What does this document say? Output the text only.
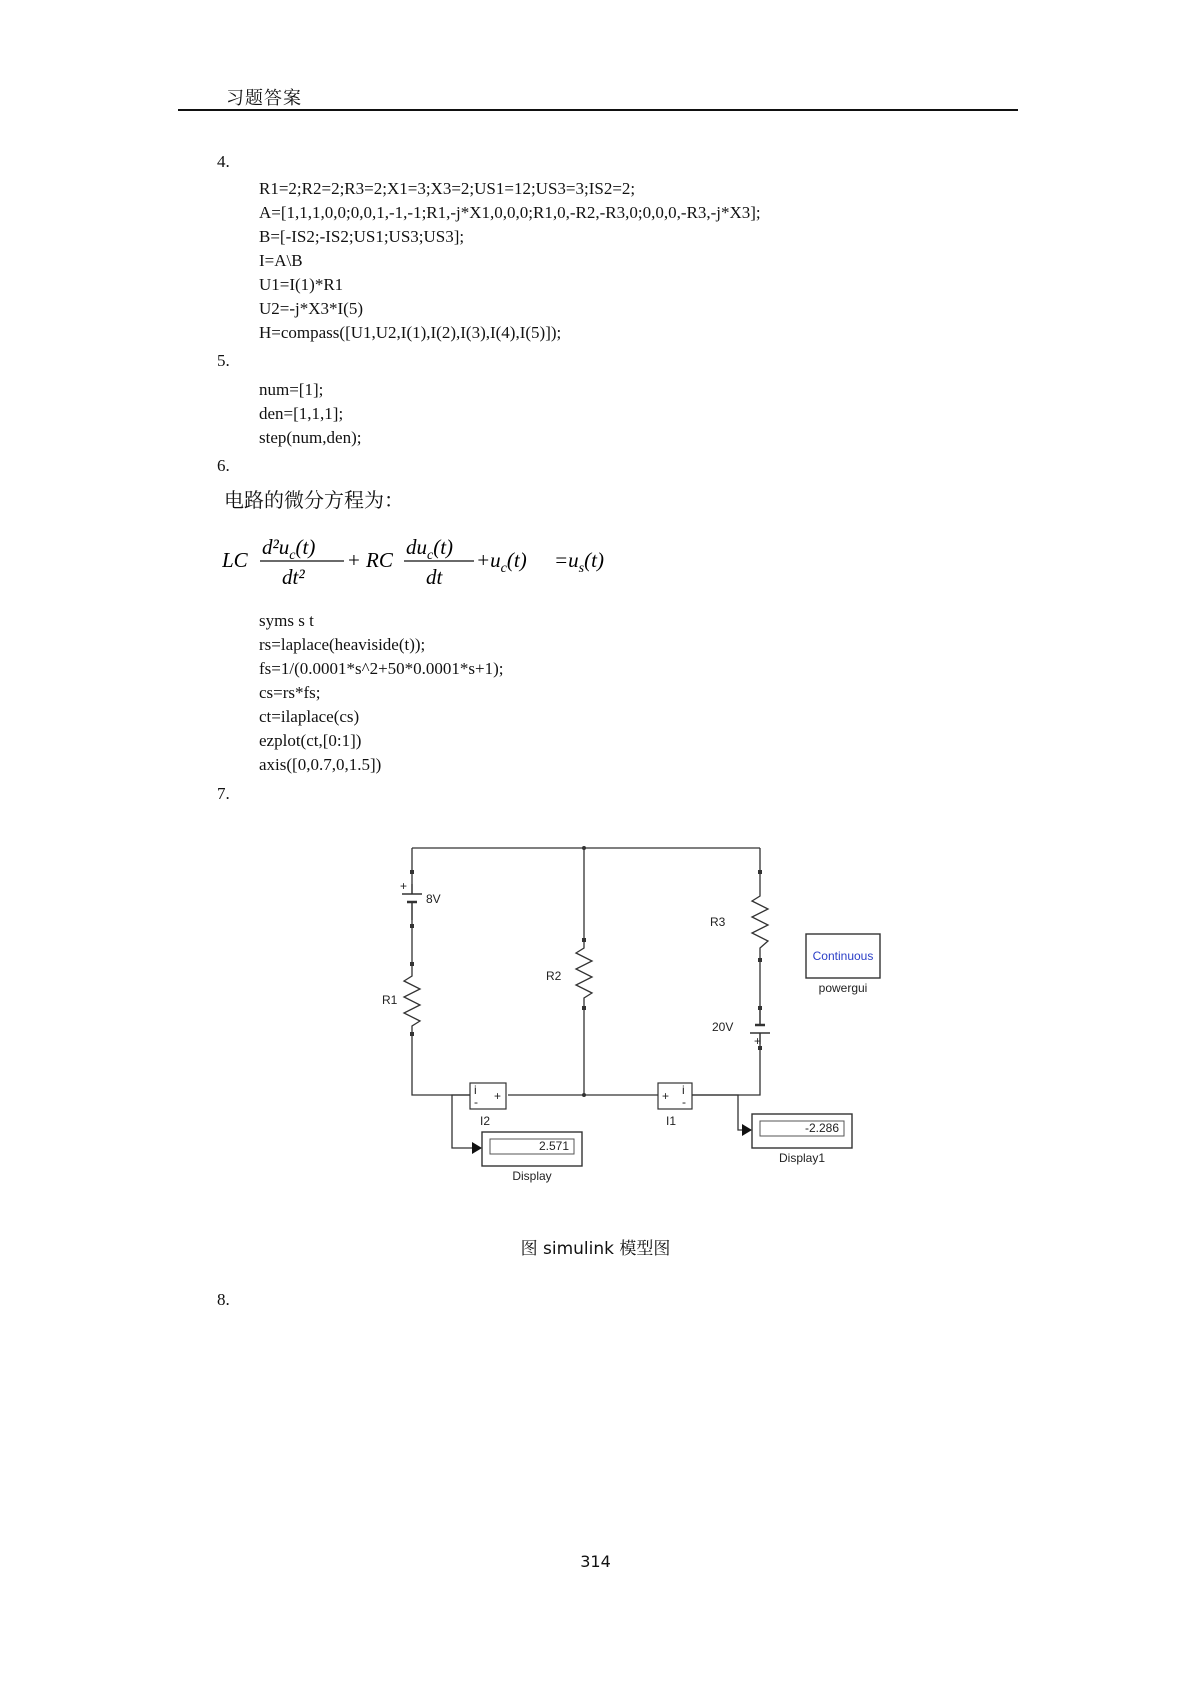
习题答案
4.
R1=2;R2=2;R3=2;X1=3;X3=2;US1=12;US3=3;IS2=2;
A=[1,1,1,0,0;0,0,1,-1,-1;R1,-j*X1,0,0,0;R1,0,-R2,-R3,0;0,0,0,-R3,-j*X3];
B=[-IS2;-IS2;US1;US3;US3];
I=A\B
U1=I(1)*R1
U2=-j*X3*I(5)
H=compass([U1,U2,I(1),I(2),I(3),I(4),I(5)]);
5.
num=[1];
den=[1,1,1];
step(num,den);
6.
电路的微分方程为：
LC
$d^2u_c(t)$
dt²
+ RC
$du_c(t)$
dt
$+u_c(t) =u_s(t)$
syms s t
rs=laplace(heaviside(t));
fs=1/(0.0001*s^2+50*0.0001*s+1);
cs=rs*fs;
ct=ilaplace(cs)
ezplot(ct,[0:1])
axis([0,0.7,0,1.5])
7.
+
8V
R1
R2
R3
+
20V
i
- +
I2
+ i
-
I1
2.571
Display
-2.286
Display1
Continuous
powergui
图 simulink 模型图
8.
314
